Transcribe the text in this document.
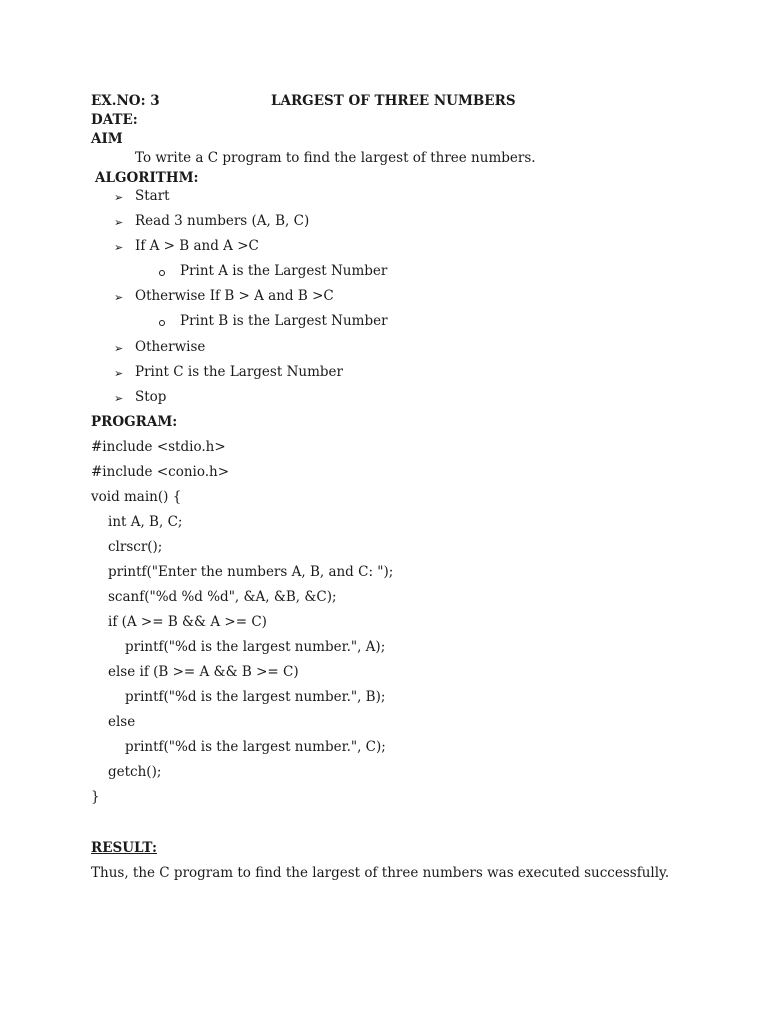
EX.NO: 3	LARGEST OF THREE NUMBERS
DATE:
AIM
To write a C program to find the largest of three numbers.
ALGORITHM:
➢ Start
➢ Read 3 numbers (A, B, C)
➢ If A > B and A >C
Print A is the Largest Number
➢ Otherwise If B > A and B >C
Print B is the Largest Number
➢ Otherwise
➢ Print C is the Largest Number
➢ Stop
PROGRAM:
#include <stdio.h>
#include <conio.h>
void main() {
int A, B, C;
clrscr();
printf("Enter the numbers A, B, and C: ");
scanf("%d %d %d", &A, &B, &C);
if (A >= B && A >= C)
printf("%d is the largest number.", A);
else if (B >= A && B >= C)
printf("%d is the largest number.", B);
else
printf("%d is the largest number.", C);
getch();
}
RESULT:
Thus, the C program to find the largest of three numbers was executed successfully.
